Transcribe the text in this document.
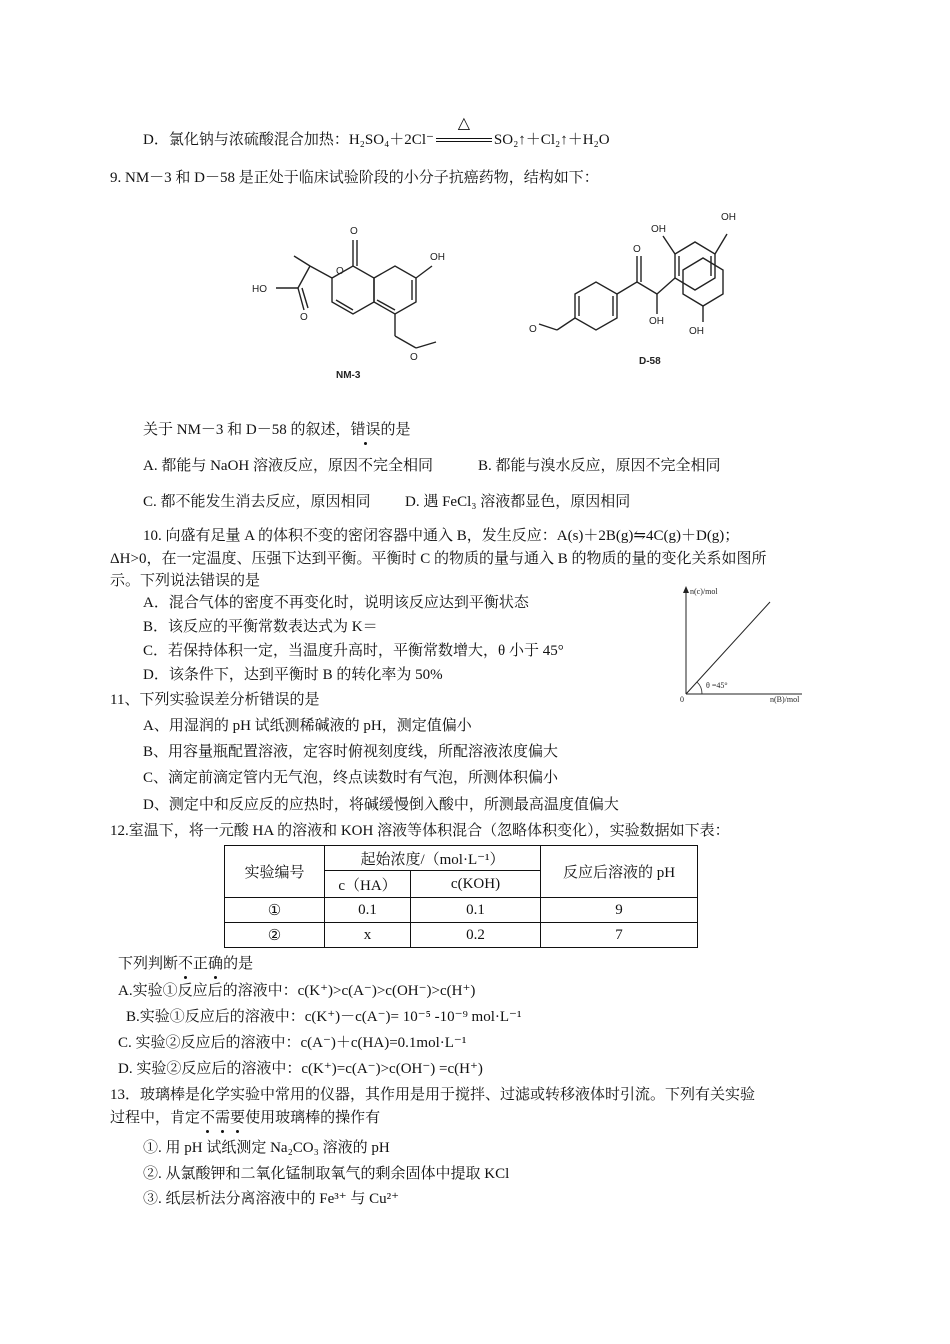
D．氯化钠与浓硫酸混合加热：H₂SO₄＋2Cl⁻
△
SO₂↑＋Cl₂↑＋H₂O
9. NM－3 和 D－58 是正处于临床试验阶段的小分子抗癌药物，结构如下：
O
O
OH
HO
O
O
NM-3
O
O
OH
OH
OH
OH
D-58
关于 NM－3 和 D－58 的叙述，错误的是
A. 都能与 NaOH 溶液反应，原因不完全相同	B. 都能与溴水反应，原因不完全相同
C. 都不能发生消去反应，原因相同 D. 遇 FeCl₃ 溶液都显色，原因相同
10. 向盛有足量 A 的体积不变的密闭容器中通入 B，发生反应：A(s)＋2B(g)⇋4C(g)＋D(g)；
ΔH>0，在一定温度、压强下达到平衡。平衡时 C 的物质的量与通入 B 的物质的量的变化关系如图所
示。下列说法错误的是
A．混合气体的密度不再变化时，说明该反应达到平衡状态
B．该反应的平衡常数表达式为 K＝
C．若保持体积一定，当温度升高时，平衡常数增大，θ 小于 45°
D．该条件下，达到平衡时 B 的转化率为 50%
n(c)/mol
n(B)/mol
0
θ =45°
11、下列实验误差分析错误的是
A、用湿润的 pH 试纸测稀碱液的 pH，测定值偏小
B、用容量瓶配置溶液，定容时俯视刻度线，所配溶液浓度偏大
C、滴定前滴定管内无气泡，终点读数时有气泡，所测体积偏小
D、测定中和反应反的应热时，将碱缓慢倒入酸中，所测最高温度值偏大
12.室温下，将一元酸 HA 的溶液和 KOH 溶液等体积混合（忽略体积变化），实验数据如下表：
实验编号	起始浓度/（mol·L⁻¹）		反应后溶液的 pH
	c（HA）	c(KOH)	
①	0.1	0.1	9
②	x	0.2	7
下列判断不正确的是
A.实验①反应后的溶液中：c(K⁺)>c(A⁻)>c(OH⁻)>c(H⁺)
B.实验①反应后的溶液中：c(K⁺)－c(A⁻)= 10⁻⁵ -10⁻⁹ mol·L⁻¹
C. 实验②反应后的溶液中：c(A⁻)＋c(HA)=0.1mol·L⁻¹
D. 实验②反应后的溶液中：c(K⁺)=c(A⁻)>c(OH⁻) =c(H⁺)
13．玻璃棒是化学实验中常用的仪器，其作用是用于搅拌、过滤或转移液体时引流。下列有关实验
过程中，肯定不需要使用玻璃棒的操作有
①. 用 pH 试纸测定 Na₂CO₃ 溶液的 pH
②. 从氯酸钾和二氧化锰制取氧气的剩余固体中提取 KCl
③. 纸层析法分离溶液中的 Fe³⁺ 与 Cu²⁺
